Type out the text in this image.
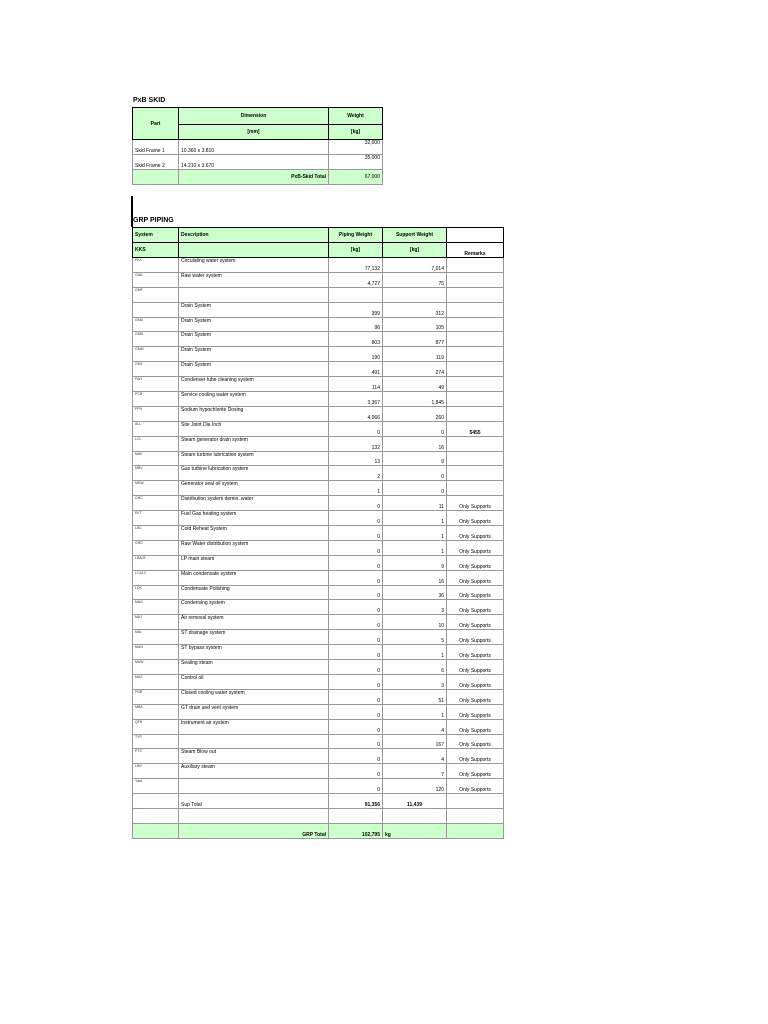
PxB SKID
Part	Dimension	Weight
	[mm]	[kg]
Skid Frame 1	10.360 x 3.810	32,000
Skid Frame 2	14.210 x 3.670	35,000
	PxB-Skid Total	67,000
GRP PIPING
System	Description	Piping Weight	Support Weight	
KKS		[kg]	[kg]	Remarks
PAX	Circulating water system	77,132	7,014	
GAD	Raw water system	4,727	75	
GMF				
	Drain System	399	312	
GMD	Drain System	96	105	
GMB	Drain System	803	877	
GMM	Drain System	190	119	
GMJ	Drain System	491	274	
PAH	Condenser tube cleaning system	114	49	
PCB	Service cooling water system	3,367	1,845	
PFN	Sodium hypochlorite Dosing	4,066	260	
ALL	Site Joint Dia Inch	0	0	5455
LCL	Steam generator drain system	132	16	
MAV	Steam turbine lubrication system	13	9	
MBV	Gas turbine lubrication system	2	0	
MKW	Generator seal oil system	1	0	
GHC	Distribution system demin. water	0	11	Only Supports
EKT	Fuel Gas heating system	0	1	Only Supports
LBC	Cold Reheat System	0	1	Only Supports
GHD	Raw Water distribution system	0	1	Only Supports
LBA03	LP main steam	0	9	Only Supports
LCA10	Main condensate system	0	16	Only Supports
LDK	Condensate Polishing	0	36	Only Supports
MAG	Condensing system	0	3	Only Supports
MAJ	Air removal system	0	10	Only Supports
MAL	ST drainage system	0	5	Only Supports
MAN	ST bypass system	0	1	Only Supports
MAW	Sealing steam	0	6	Only Supports
MAX	Control oil	0	3	Only Supports
PGB	Closed cooling water system	0	51	Only Supports
MBA	GT drain and vent system	0	1	Only Supports
QFB	Instrument air system	0	4	Only Supports
TYP		0	167	Only Supports
PTS	Steam Blow out	0	4	Only Supports
LBG	Auxiliary steam	0	7	Only Supports
Yard		0	120	Only Supports
	Sup Total	91,356	11,439	

	GRP Total	102,795	kg	
